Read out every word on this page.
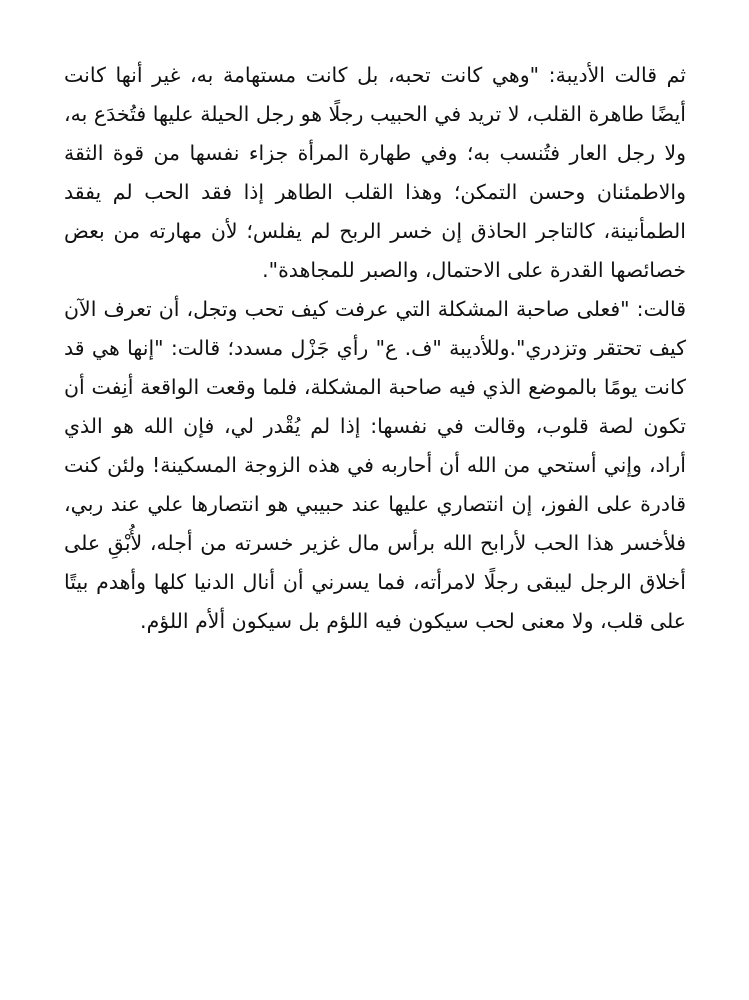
ثم قالت الأديبة: "وهي كانت تحبه، بل كانت مستهامة به، غير أنها كانت أيضًا طاهرة القلب، لا تريد في الحبيب رجلًا هو رجل الحيلة عليها فتُخدَع به، ولا رجل العار فتُنسب به؛ وفي طهارة المرأة جزاء نفسها من قوة الثقة والاطمئنان وحسن التمكن؛ وهذا القلب الطاهر إذا فقد الحب لم يفقد الطمأنينة، كالتاجر الحاذق إن خسر الربح لم يفلس؛ لأن مهارته من بعض خصائصها القدرة على الاحتمال، والصبر للمجاهدة".

قالت: "فعلى صاحبة المشكلة التي عرفت كيف تحب وتجل، أن تعرف الآن كيف تحتقر وتزدري".وللأديبة "ف. ع" رأي جَزْل مسدد؛ قالت: "إنها هي قد كانت يومًا بالموضع الذي فيه صاحبة المشكلة، فلما وقعت الواقعة أنِفت أن تكون لصة قلوب، وقالت في نفسها: إذا لم يُقْدر لي، فإن الله هو الذي أراد، وإني أستحي من الله أن أحاربه في هذه الزوجة المسكينة! ولئن كنت قادرة على الفوز، إن انتصاري عليها عند حبيبي هو انتصارها علي عند ربي، فلأخسر هذا الحب لأرابح الله برأس مال غزير خسرته من أجله، لأُبْقِ على أخلاق الرجل ليبقى رجلًا لامرأته، فما يسرني أن أنال الدنيا كلها وأهدم بيتًا على قلب، ولا معنى لحب سيكون فيه اللؤم بل سيكون ألأم اللؤم.
